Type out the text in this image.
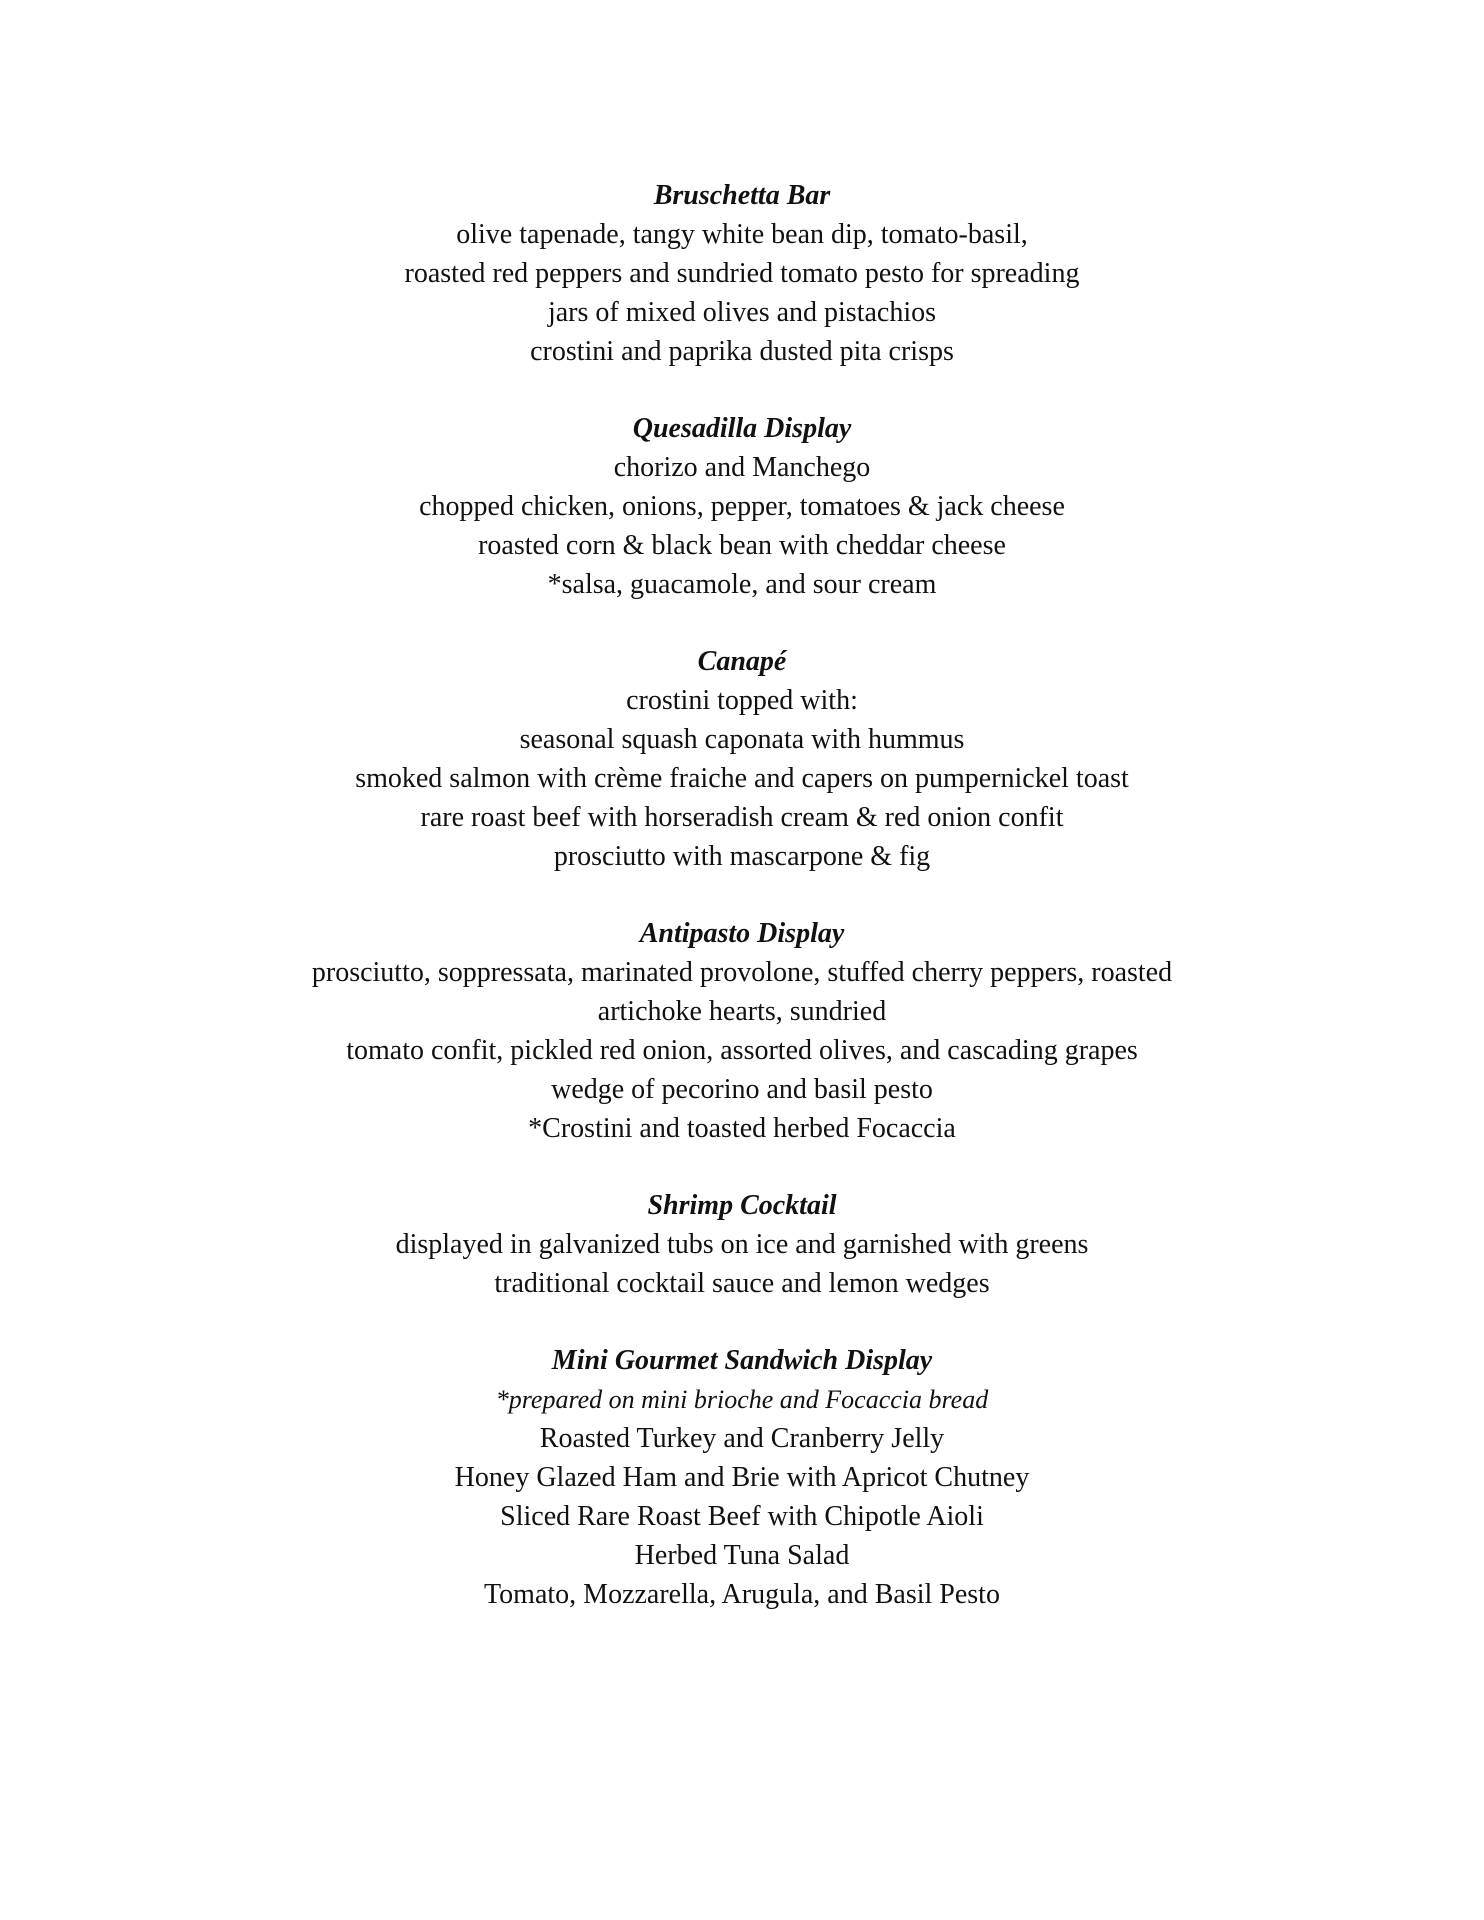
Bruschetta Bar
olive tapenade, tangy white bean dip, tomato-basil,
roasted red peppers and sundried tomato pesto for spreading
jars of mixed olives and pistachios
crostini and paprika dusted pita crisps
Quesadilla Display
chorizo and Manchego
chopped chicken, onions, pepper, tomatoes & jack cheese
roasted corn & black bean with cheddar cheese
*salsa, guacamole, and sour cream
Canapé
crostini topped with:
seasonal squash caponata with hummus
smoked salmon with crème fraiche and capers on pumpernickel toast
rare roast beef with horseradish cream & red onion confit
prosciutto with mascarpone & fig
Antipasto Display
prosciutto, soppressata, marinated provolone, stuffed cherry peppers, roasted
artichoke hearts, sundried
tomato confit, pickled red onion, assorted olives, and cascading grapes
wedge of pecorino and basil pesto
*Crostini and toasted herbed Focaccia
Shrimp Cocktail
displayed in galvanized tubs on ice and garnished with greens
traditional cocktail sauce and lemon wedges
Mini Gourmet Sandwich Display
*prepared on mini brioche and Focaccia bread
Roasted Turkey and Cranberry Jelly
Honey Glazed Ham and Brie with Apricot Chutney
Sliced Rare Roast Beef with Chipotle Aioli
Herbed Tuna Salad
Tomato, Mozzarella, Arugula, and Basil Pesto
